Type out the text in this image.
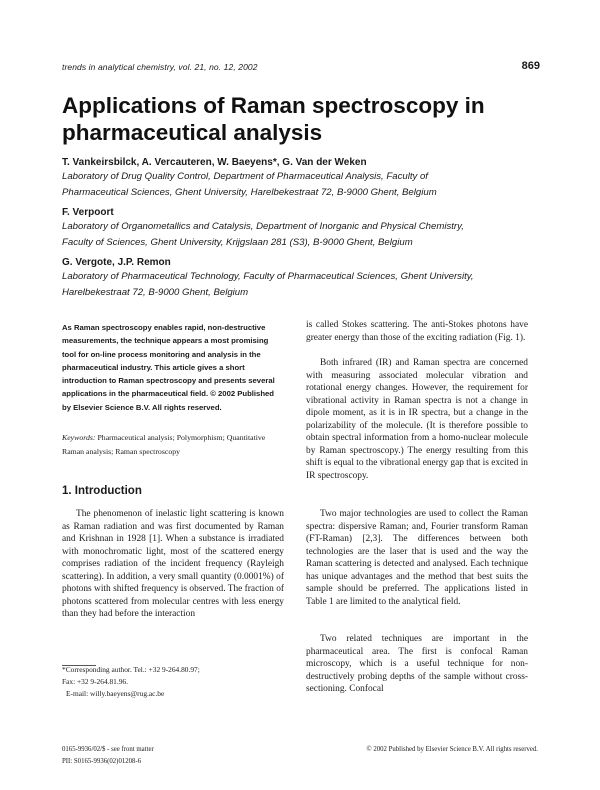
trends in analytical chemistry, vol. 21, no. 12, 2002	869
Applications of Raman spectroscopy in
pharmaceutical analysis

T. Vankeirsbilck, A. Vercauteren, W. Baeyens*, G. Van der Weken

Laboratory of Drug Quality Control, Department of Pharmaceutical Analysis, Faculty of
Pharmaceutical Sciences, Ghent University, Harelbekestraat 72, B-9000 Ghent, Belgium

F. Verpoort

Laboratory of Organometallics and Catalysis, Department of Inorganic and Physical Chemistry,
Faculty of Sciences, Ghent University, Krijgslaan 281 (S3), B-9000 Ghent, Belgium

G. Vergote, J.P. Remon

Laboratory of Pharmaceutical Technology, Faculty of Pharmaceutical Sciences, Ghent University,
Harelbekestraat 72, B-9000 Ghent, Belgium

As Raman spectroscopy enables rapid, non-destructive measurements, the technique appears a most promising tool for on-line process monitoring and analysis in the pharmaceutical industry. This article gives a short introduction to Raman spectroscopy and presents several applications in the pharmaceutical field. © 2002 Published by Elsevier Science B.V. All rights reserved.

Keywords: Pharmaceutical analysis; Polymorphism; Quantitative Raman analysis; Raman spectroscopy

1. Introduction

The phenomenon of inelastic light scattering is known as Raman radiation and was first documented by Raman and Krishnan in 1928 [1]. When a substance is irradiated with monochromatic light, most of the scattered energy comprises radiation of the incident frequency (Rayleigh scattering). In addition, a very small quantity (0.0001%) of photons with shifted frequency is observed. The fraction of photons scattered from molecular centres with less energy than they had before the interaction

*Corresponding author. Tel.: +32 9-264.80.97;
Fax: +32 9-264.81.96.
E-mail: willy.baeyens@rug.ac.be

is called Stokes scattering. The anti-Stokes photons have greater energy than those of the exciting radiation (Fig. 1).

Both infrared (IR) and Raman spectra are concerned with measuring associated molecular vibration and rotational energy changes. However, the requirement for vibrational activity in Raman spectra is not a change in dipole moment, as it is in IR spectra, but a change in the polarizability of the molecule. (It is therefore possible to obtain spectral information from a homo-nuclear molecule by Raman spectroscopy.) The energy resulting from this shift is equal to the vibrational energy gap that is excited in IR spectroscopy.

Two major technologies are used to collect the Raman spectra: dispersive Raman; and, Fourier transform Raman (FT-Raman) [2,3]. The differences between both technologies are the laser that is used and the way the Raman scattering is detected and analysed. Each technique has unique advantages and the method that best suits the sample should be preferred. The applications listed in Table 1 are limited to the analytical field.

Two related techniques are important in the pharmaceutical area. The first is confocal Raman microscopy, which is a useful technique for non-destructively probing depths of the sample without cross-sectioning. Confocal

0165-9936/02/$ - see front matter
PII: S0165-9936(02)01208-6
© 2002 Published by Elsevier Science B.V. All rights reserved.
